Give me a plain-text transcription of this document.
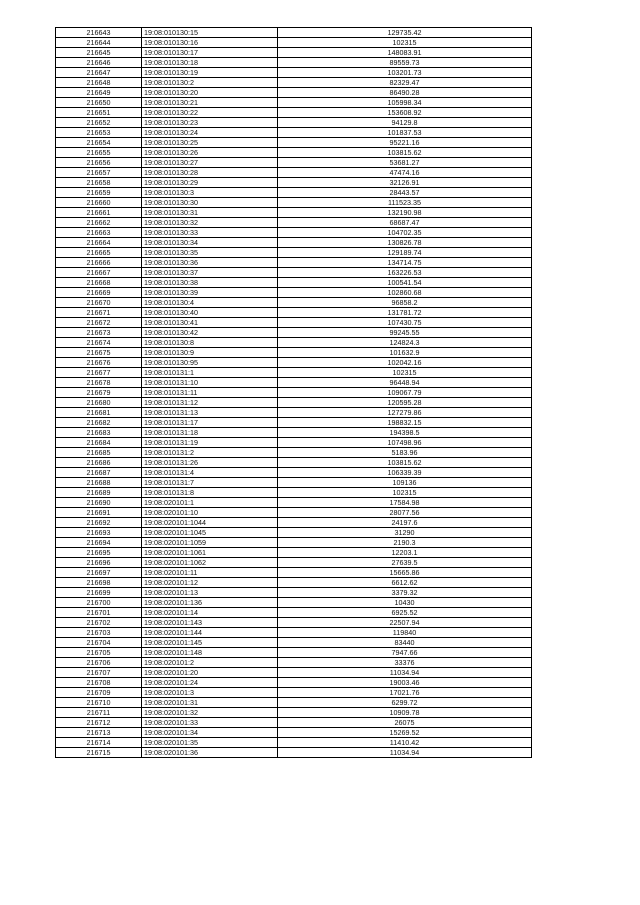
216643	19:08:010130:15	129735.42
216644	19:08:010130:16	102315
216645	19:08:010130:17	148083.91
216646	19:08:010130:18	89559.73
216647	19:08:010130:19	103201.73
216648	19:08:010130:2	82329.47
216649	19:08:010130:20	86490.28
216650	19:08:010130:21	105998.34
216651	19:08:010130:22	153608.92
216652	19:08:010130:23	94129.8
216653	19:08:010130:24	101837.53
216654	19:08:010130:25	95221.16
216655	19:08:010130:26	103815.62
216656	19:08:010130:27	53681.27
216657	19:08:010130:28	47474.16
216658	19:08:010130:29	32126.91
216659	19:08:010130:3	28443.57
216660	19:08:010130:30	111523.35
216661	19:08:010130:31	132190.98
216662	19:08:010130:32	68687.47
216663	19:08:010130:33	104702.35
216664	19:08:010130:34	130826.78
216665	19:08:010130:35	129189.74
216666	19:08:010130:36	134714.75
216667	19:08:010130:37	163226.53
216668	19:08:010130:38	100541.54
216669	19:08:010130:39	102860.68
216670	19:08:010130:4	96858.2
216671	19:08:010130:40	131781.72
216672	19:08:010130:41	107430.75
216673	19:08:010130:42	99245.55
216674	19:08:010130:8	124824.3
216675	19:08:010130:9	101632.9
216676	19:08:010130:95	102042.16
216677	19:08:010131:1	102315
216678	19:08:010131:10	96448.94
216679	19:08:010131:11	109067.79
216680	19:08:010131:12	120595.28
216681	19:08:010131:13	127279.86
216682	19:08:010131:17	198832.15
216683	19:08:010131:18	194398.5
216684	19:08:010131:19	107498.96
216685	19:08:010131:2	5183.96
216686	19:08:010131:26	103815.62
216687	19:08:010131:4	106339.39
216688	19:08:010131:7	109136
216689	19:08:010131:8	102315
216690	19:08:020101:1	17584.98
216691	19:08:020101:10	28077.56
216692	19:08:020101:1044	24197.6
216693	19:08:020101:1045	31290
216694	19:08:020101:1059	2190.3
216695	19:08:020101:1061	12203.1
216696	19:08:020101:1062	27639.5
216697	19:08:020101:11	15665.86
216698	19:08:020101:12	6612.62
216699	19:08:020101:13	3379.32
216700	19:08:020101:136	10430
216701	19:08:020101:14	6925.52
216702	19:08:020101:143	22507.94
216703	19:08:020101:144	119840
216704	19:08:020101:145	83440
216705	19:08:020101:148	7947.66
216706	19:08:020101:2	33376
216707	19:08:020101:20	11034.94
216708	19:08:020101:24	19003.46
216709	19:08:020101:3	17021.76
216710	19:08:020101:31	6299.72
216711	19:08:020101:32	10909.78
216712	19:08:020101:33	26075
216713	19:08:020101:34	15269.52
216714	19:08:020101:35	11410.42
216715	19:08:020101:36	11034.94
